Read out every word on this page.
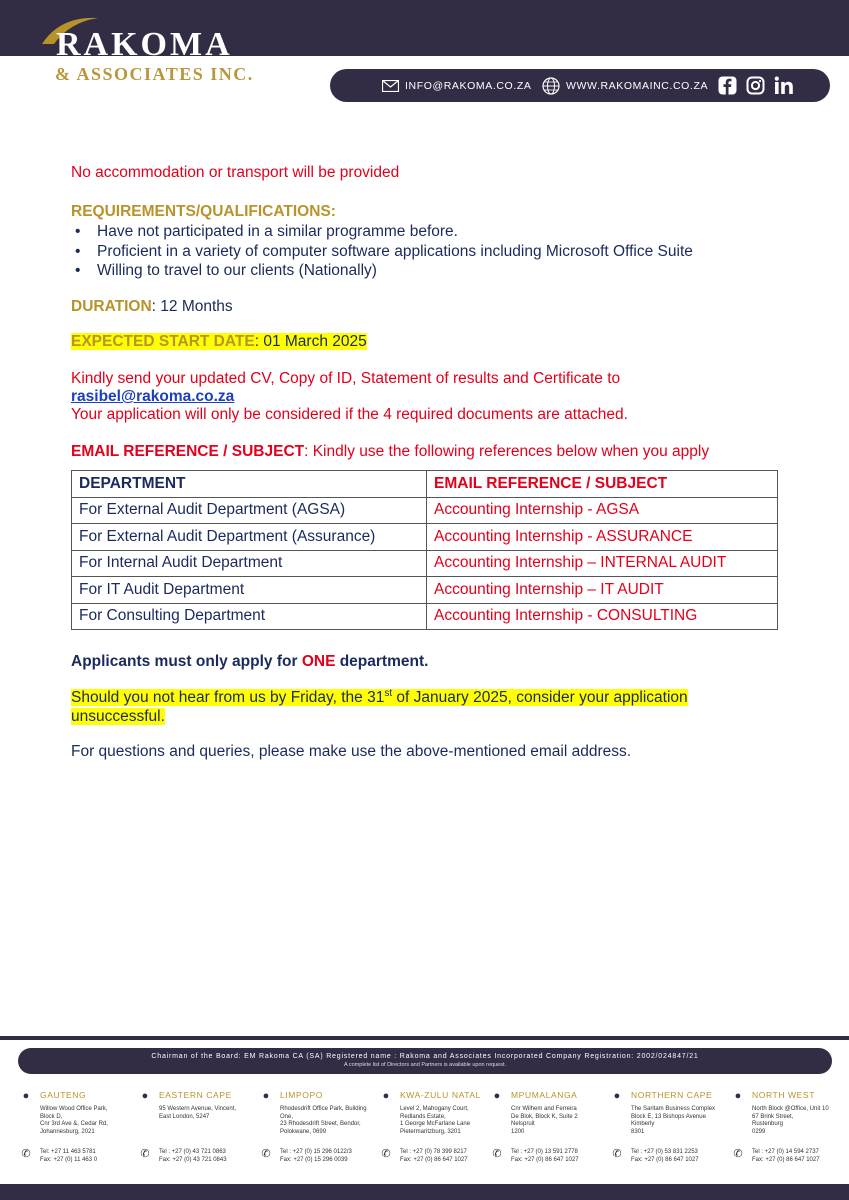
RAKOMA
& ASSOCIATES INC.
INFO@RAKOMA.CO.ZA	WWW.RAKOMAINC.CO.ZA
No accommodation or transport will be provided
REQUIREMENTS/QUALIFICATIONS:
• Have not participated in a similar programme before.
• Proficient in a variety of computer software applications including Microsoft Office Suite
• Willing to travel to our clients (Nationally)
DURATION: 12 Months
EXPECTED START DATE: 01 March 2025
Kindly send your updated CV, Copy of ID, Statement of results and Certificate to
rasibel@rakoma.co.za
Your application will only be considered if the 4 required documents are attached.
EMAIL REFERENCE / SUBJECT: Kindly use the following references below when you apply
DEPARTMENT	EMAIL REFERENCE / SUBJECT
For External Audit Department (AGSA)	Accounting Internship - AGSA
For External Audit Department (Assurance)	Accounting Internship - ASSURANCE
For Internal Audit Department	Accounting Internship – INTERNAL AUDIT
For IT Audit Department	Accounting Internship – IT AUDIT
For Consulting Department	Accounting Internship - CONSULTING
Applicants must only apply for ONE department.
Should you not hear from us by Friday, the 31st of January 2025, consider your application
unsuccessful.
For questions and queries, please make use the above-mentioned email address.
Chairman of the Board: EM Rakoma CA (SA) Registered name : Rakoma and Associates Incorporated Company Registration: 2002/024847/21
A complete list of Directors and Partners is available upon request.
●	GAUTENG
Willow Wood Office Park,
Block D,
Cnr 3rd Ave &, Cedar Rd,
Johannesburg, 2021
✆ Tel: +27 11 463 5781
Fax: +27 (0) 11 463 0
●	EASTERN CAPE
95 Western Avenue, Vincent,
East London, 5247
✆ Tel : +27 (0) 43 721 0863
Fax: +27 (0) 43 721 0843
●	LIMPOPO
Rhodesdrift Office Park, Building
One,
23 Rhodesdrift Street, Bendor,
Polokwane, 0699
✆ Tel : +27 (0) 15 296 0122/3
Fax: +27 (0) 15 296 0039
●	KWA-ZULU NATAL
Level 2, Mahogany Court,
Redlands Estate,
1 George McFarlane Lane
Pietermaritzburg, 3201
✆ Tel : +27 (0) 78 399 8217
Fax: +27 (0) 86 647 1027
●	MPUMALANGA
Cnr Wilhem and Ferreira
De Blok, Block K, Suite 2
Nelspruit
1200
✆ Tel : +27 (0) 13 591 2778
Fax: +27 (0) 86 647 1027
●	NORTHERN CAPE
The Saritam Business Complex
Block E, 13 Bishops Avenue
Kimberly
8301
✆ Tel : +27 (0) 53 831 2253
Fax: +27 (0) 86 647 1027
●	NORTH WEST
North Block @Office, Unit 10
67 Brink Street,
Rustenburg
0299
✆ Tel : +27 (0) 14 594 2737
Fax: +27 (0) 86 647 1027
